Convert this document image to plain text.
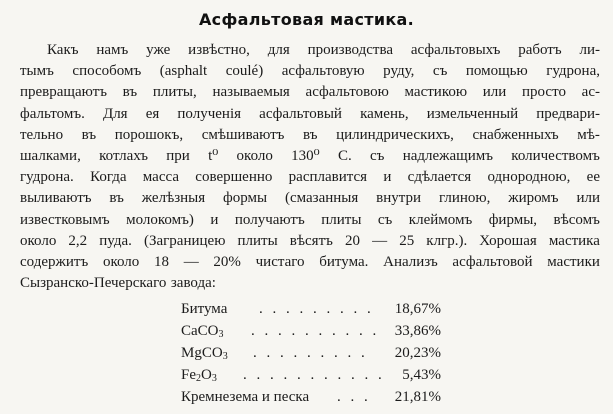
Асфальтовая мастика.
Какъ намъ уже извѣстно, для производства асфальтовыхъ работъ ли-
тымъ способомъ (asphalt coulé) асфальтовую руду, съ помощью гудрона,
превращаютъ въ плиты, называемыя асфальтовою мастикою или просто ас-
фальтомъ. Для ея полученія асфальтовый камень, измельченный предвари-
тельно въ порошокъ, смѣшиваютъ въ цилиндрическихъ, снабженныхъ мѣ-
шалками, котлахъ при t⁰ около 130⁰ С. съ надлежащимъ количествомъ
гудрона. Когда масса совершенно расплавится и сдѣлается однородною, ее
выливаютъ въ желѣзныя формы (смазанныя внутри глиною, жиромъ или
известковымъ молокомъ) и получаютъ плиты съ клеймомъ фирмы, вѣсомъ
около 2,2 пуда. (Заграницею плиты вѣсятъ 20 — 25 клгр.). Хорошая мастика
содержитъ около 18 — 20% чистаго битума. Анализъ асфальтовой мастики
Сызранско-Печерскаго завода:
Битума . . . . . . . . .	18,67%
CaCO$_3$ . . . . . . . . . .	33,86%
MgCO$_3$ . . . . . . . . .	20,23%
$Fe_2O_3$ . . . . . . . . . . .	5,43%
Кремнезема и песка . . .	21,81%
